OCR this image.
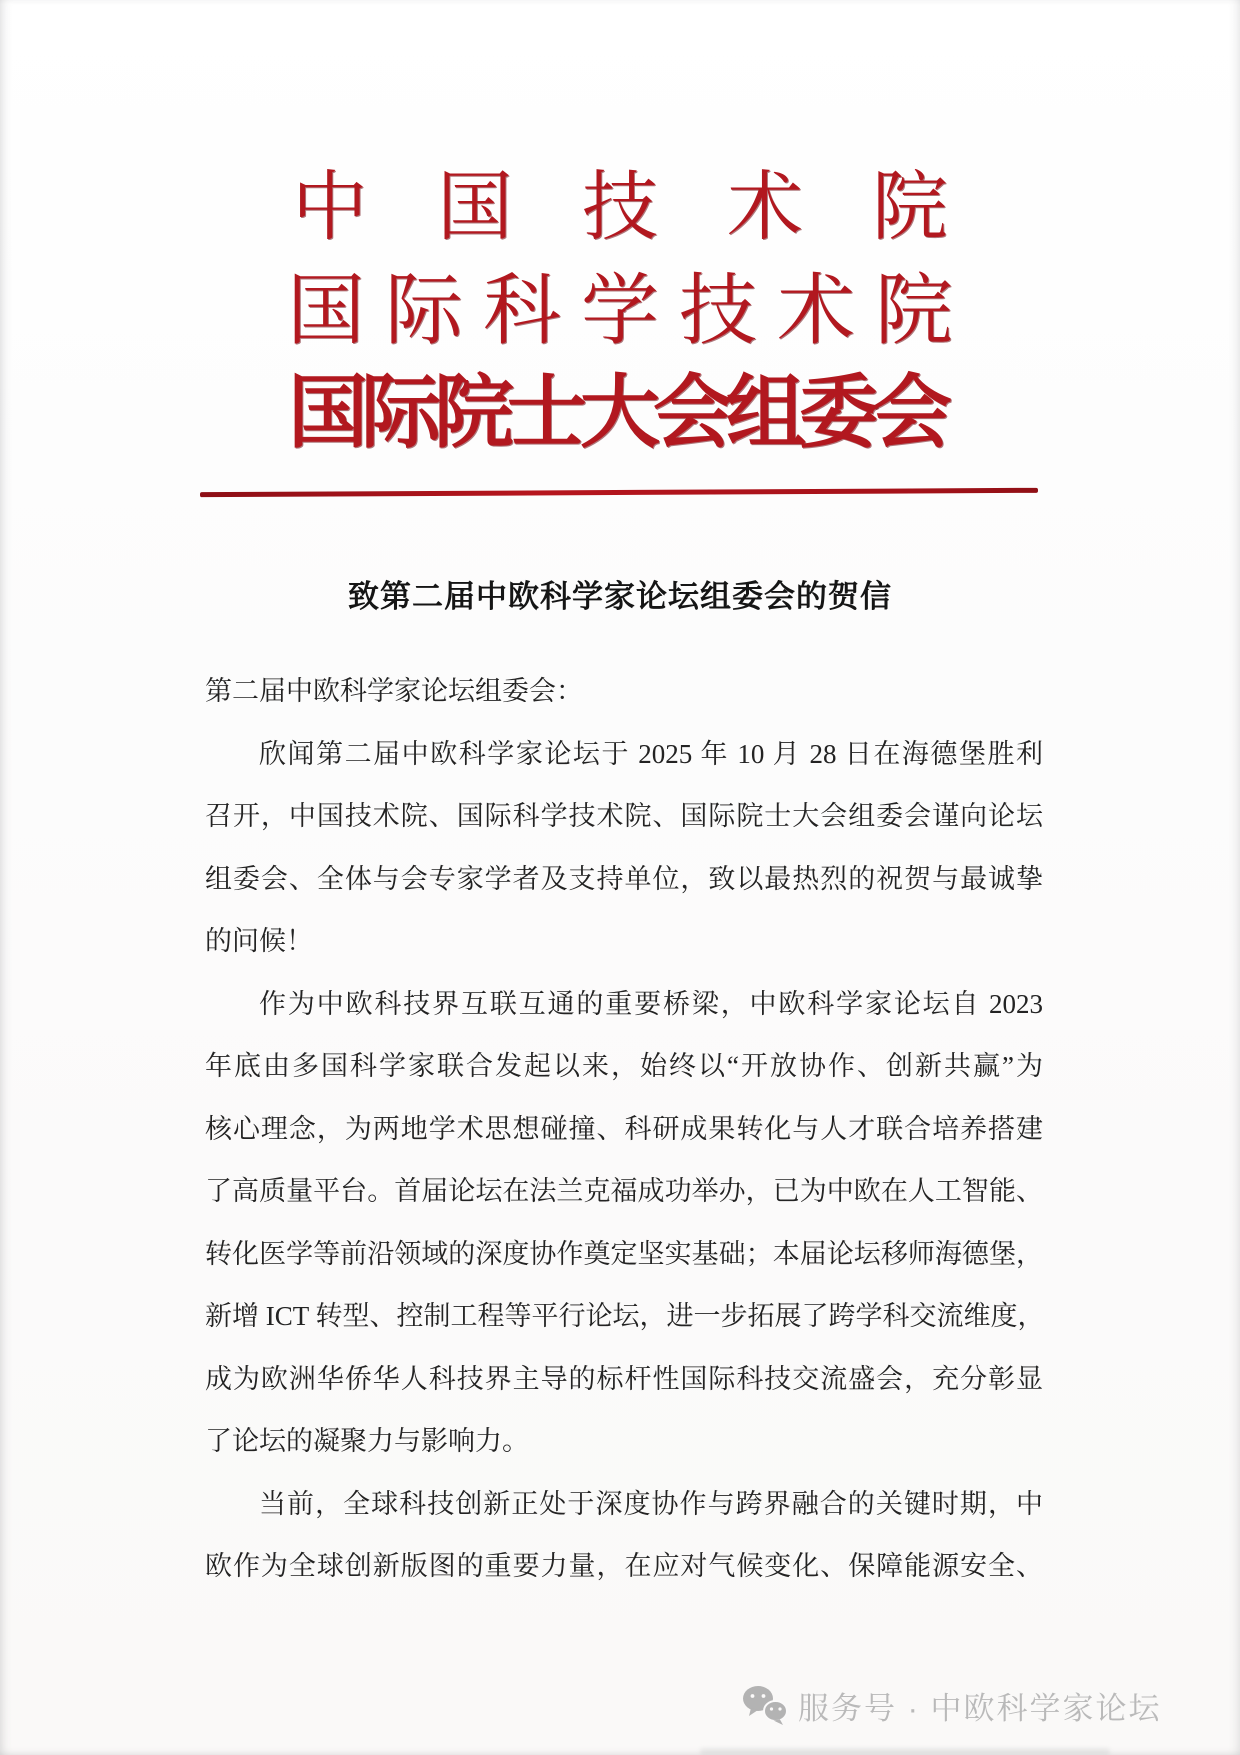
中国技术院
国际科学技术院
国际院士大会组委会
致第二届中欧科学家论坛组委会的贺信
第二届中欧科学家论坛组委会：
欣闻第二届中欧科学家论坛于 2025 年 10 月 28 日在海德堡胜利
召开，中国技术院、国际科学技术院、国际院士大会组委会谨向论坛
组委会、全体与会专家学者及支持单位，致以最热烈的祝贺与最诚挚
的问候！
作为中欧科技界互联互通的重要桥梁，中欧科学家论坛自 2023
年底由多国科学家联合发起以来，始终以“开放协作、创新共赢”为
核心理念，为两地学术思想碰撞、科研成果转化与人才联合培养搭建
了高质量平台。首届论坛在法兰克福成功举办，已为中欧在人工智能、
转化医学等前沿领域的深度协作奠定坚实基础；本届论坛移师海德堡，
新增 ICT 转型、控制工程等平行论坛，进一步拓展了跨学科交流维度，
成为欧洲华侨华人科技界主导的标杆性国际科技交流盛会，充分彰显
了论坛的凝聚力与影响力。
当前，全球科技创新正处于深度协作与跨界融合的关键时期，中
欧作为全球创新版图的重要力量，在应对气候变化、保障能源安全、
服务号 · 中欧科学家论坛
